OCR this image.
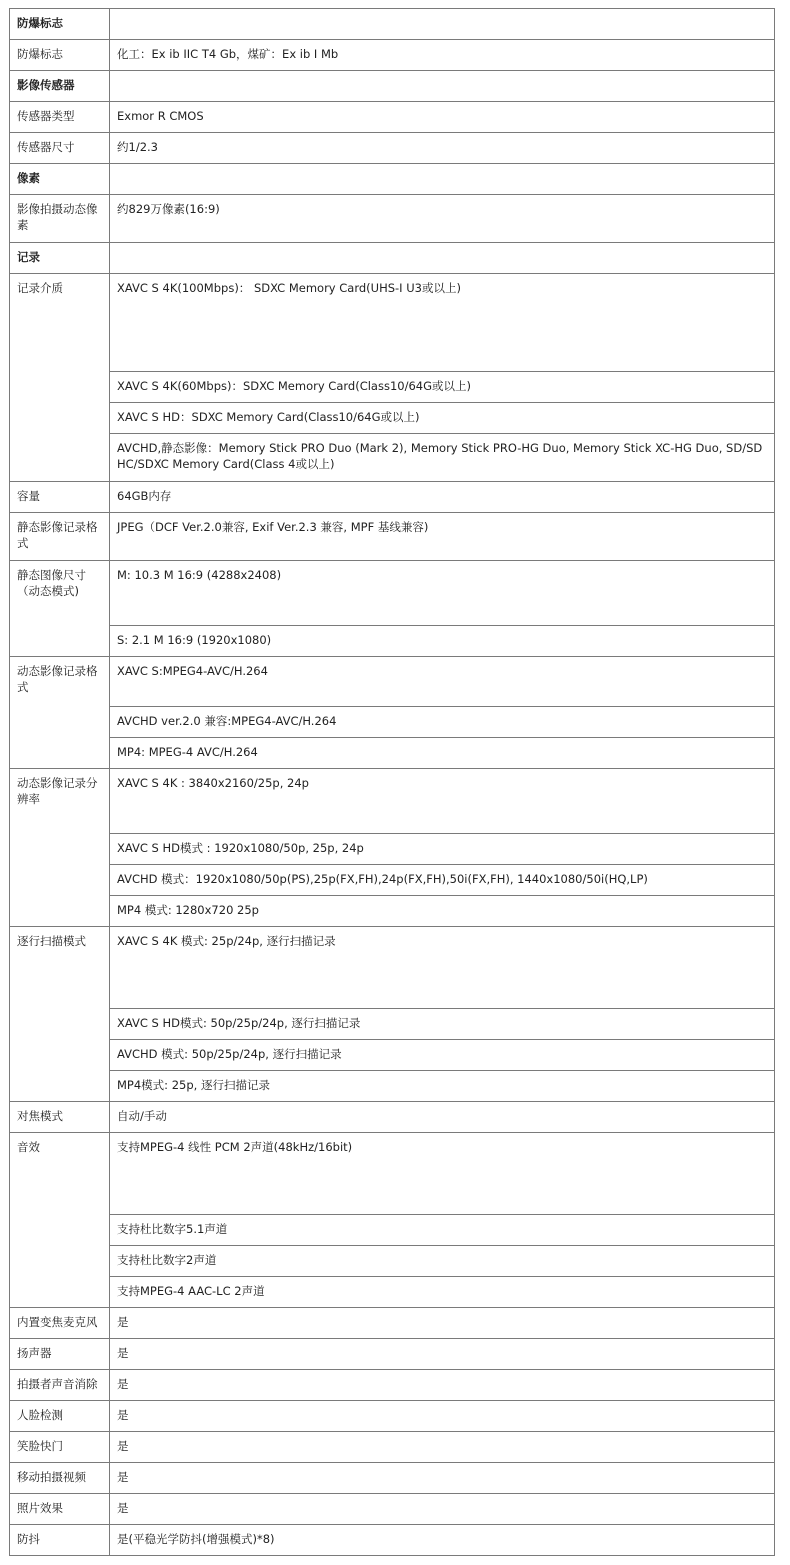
防爆标志	
防爆标志	化工：Ex ib IIC T4 Gb，煤矿：Ex ib I Mb
影像传感器	
传感器类型	Exmor R CMOS
传感器尺寸	约1/2.3
像素	
影像拍摄动态像素	约829万像素(16:9)
记录	
记录介质	XAVC S 4K(100Mbps)： SDXC Memory Card(UHS-I U3或以上)
	XAVC S 4K(60Mbps)：SDXC Memory Card(Class10/64G或以上)
	XAVC S HD：SDXC Memory Card(Class10/64G或以上)
	AVCHD,静态影像：Memory Stick PRO Duo (Mark 2), Memory Stick PRO-HG Duo, Memory Stick XC-HG Duo, SD/SDHC/SDXC Memory Card(Class 4或以上)
容量	64GB内存
静态影像记录格式	JPEG（DCF Ver.2.0兼容, Exif Ver.2.3 兼容, MPF 基线兼容)
静态图像尺寸（动态模式)	M: 10.3 M 16:9 (4288x2408)
	S: 2.1 M 16:9 (1920x1080)
动态影像记录格式	XAVC S:MPEG4-AVC/H.264
	AVCHD ver.2.0 兼容:MPEG4-AVC/H.264
	MP4: MPEG-4 AVC/H.264
动态影像记录分辨率	XAVC S 4K : 3840x2160/25p, 24p
	XAVC S HD模式 : 1920x1080/50p, 25p, 24p
	AVCHD 模式：1920x1080/50p(PS),25p(FX,FH),24p(FX,FH),50i(FX,FH), 1440x1080/50i(HQ,LP)
	MP4 模式: 1280x720 25p
逐行扫描模式	XAVC S 4K 模式: 25p/24p, 逐行扫描记录
	XAVC S HD模式: 50p/25p/24p, 逐行扫描记录
	AVCHD 模式: 50p/25p/24p, 逐行扫描记录
	MP4模式: 25p, 逐行扫描记录
对焦模式	自动/手动
音效	支持MPEG-4 线性 PCM 2声道(48kHz/16bit)
	支持杜比数字5.1声道
	支持杜比数字2声道
	支持MPEG-4 AAC-LC 2声道
内置变焦麦克风	是
扬声器	是
拍摄者声音消除	是
人脸检测	是
笑脸快门	是
移动拍摄视频	是
照片效果	是
防抖	是(平稳光学防抖(增强模式)*8)
